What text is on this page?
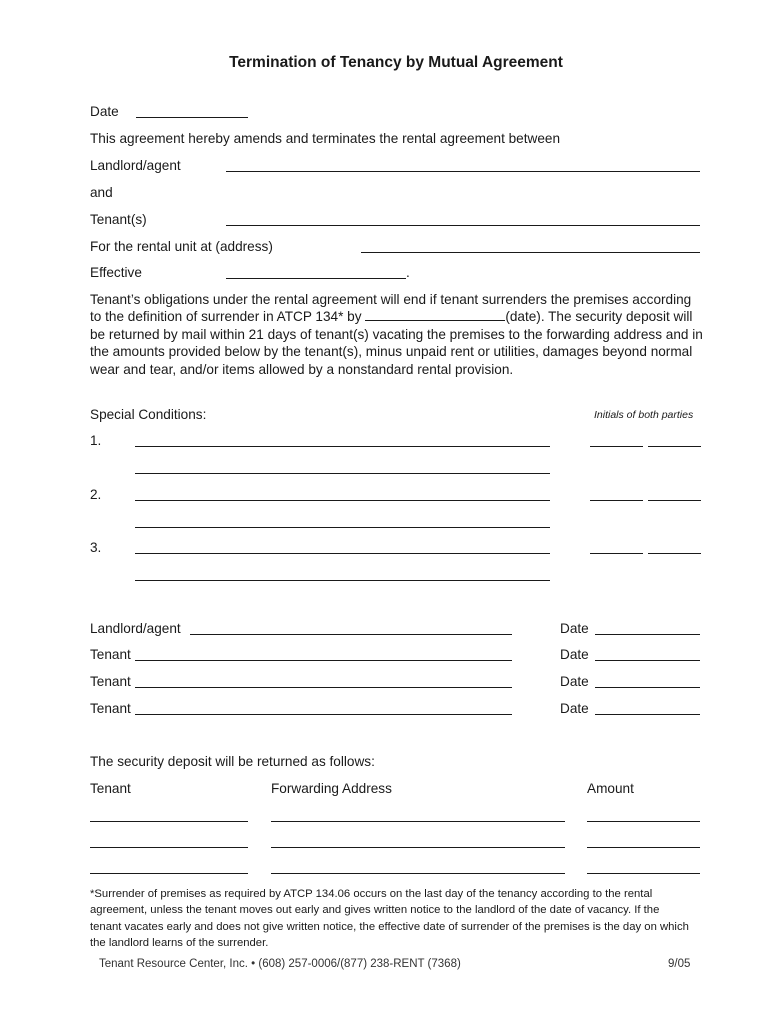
Termination of Tenancy by Mutual Agreement
Date
This agreement hereby amends and terminates the rental agreement between
Landlord/agent
and
Tenant(s)
For the rental unit at (address)
Effective	.
Tenant’s obligations under the rental agreement will end if tenant surrenders the premises according to the definition of surrender in ATCP 134* by	(date). The security deposit will be returned by mail within 21 days of tenant(s) vacating the premises to the forwarding address and in the amounts provided below by the tenant(s), minus unpaid rent or utilities, damages beyond normal wear and tear, and/or items allowed by a nonstandard rental provision.
Special Conditions:	Initials of both parties
1.
2.
3.
Landlord/agent	Date
Tenant	Date
Tenant	Date
Tenant	Date
The security deposit will be returned as follows:
Tenant	Forwarding Address	Amount
*Surrender of premises as required by ATCP 134.06 occurs on the last day of the tenancy according to the rental agreement, unless the tenant moves out early and gives written notice to the landlord of the date of vacancy. If the tenant vacates early and does not give written notice, the effective date of surrender of the premises is the day on which the landlord learns of the surrender.
Tenant Resource Center, Inc. • (608) 257-0006/(877) 238-RENT (7368)	9/05
